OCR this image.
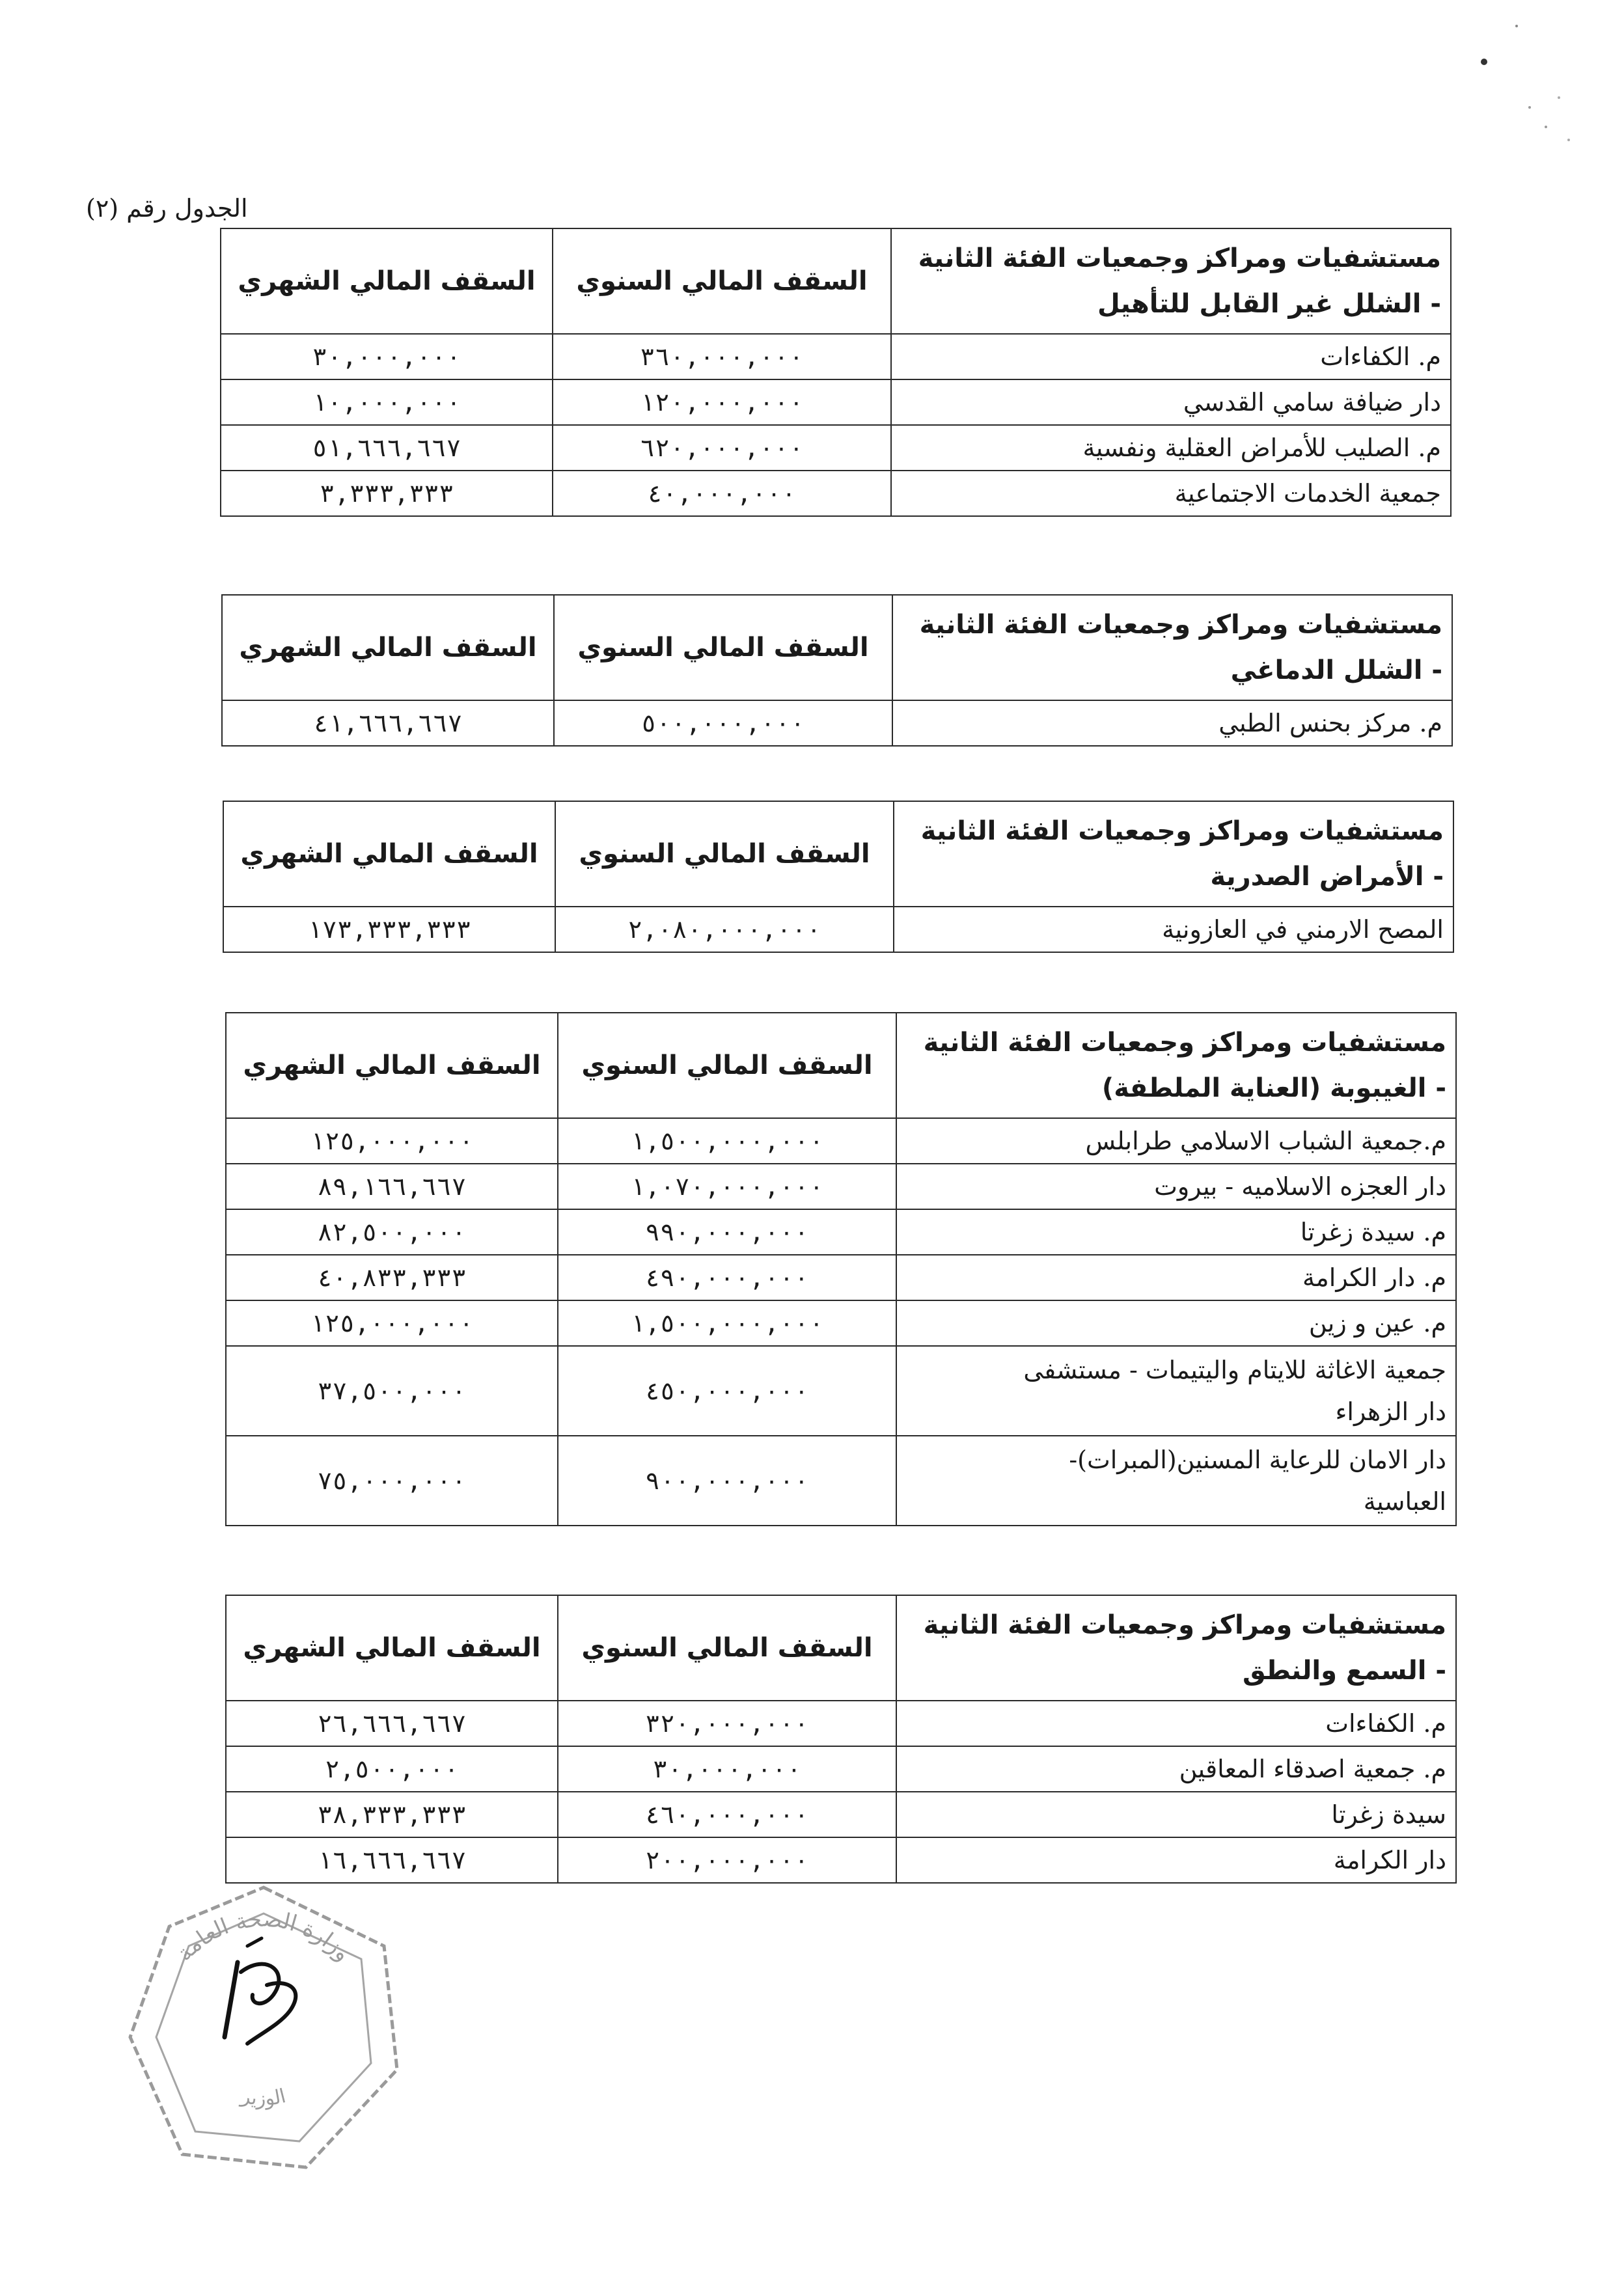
الجدول رقم (٢)
مستشفيات ومراكز وجمعيات الفئة الثانية
- الشلل غير القابل للتأهيل	السقف المالي السنوي	السقف المالي الشهري
م. الكفاءات	٣٦٠,٠٠٠,٠٠٠	٣٠,٠٠٠,٠٠٠
دار ضيافة سامي القدسي	١٢٠,٠٠٠,٠٠٠	١٠,٠٠٠,٠٠٠
م. الصليب للأمراض العقلية ونفسية	٦٢٠,٠٠٠,٠٠٠	٥١,٦٦٦,٦٦٧
جمعية الخدمات الاجتماعية	٤٠,٠٠٠,٠٠٠	٣,٣٣٣,٣٣٣
مستشفيات ومراكز وجمعيات الفئة الثانية
- الشلل الدماغي	السقف المالي السنوي	السقف المالي الشهري
م. مركز بحنس الطبي	٥٠٠,٠٠٠,٠٠٠	٤١,٦٦٦,٦٦٧
مستشفيات ومراكز وجمعيات الفئة الثانية
- الأمراض الصدرية	السقف المالي السنوي	السقف المالي الشهري
المصح الارمني في العازونية	٢,٠٨٠,٠٠٠,٠٠٠	١٧٣,٣٣٣,٣٣٣
مستشفيات ومراكز وجمعيات الفئة الثانية
- الغيبوبة (العناية الملطفة)	السقف المالي السنوي	السقف المالي الشهري
م.جمعية الشباب الاسلامي طرابلس	١,٥٠٠,٠٠٠,٠٠٠	١٢٥,٠٠٠,٠٠٠
دار العجزه الاسلاميه - بيروت	١,٠٧٠,٠٠٠,٠٠٠	٨٩,١٦٦,٦٦٧
م. سيدة زغرتا	٩٩٠,٠٠٠,٠٠٠	٨٢,٥٠٠,٠٠٠
م. دار الكرامة	٤٩٠,٠٠٠,٠٠٠	٤٠,٨٣٣,٣٣٣
م. عين و زين	١,٥٠٠,٠٠٠,٠٠٠	١٢٥,٠٠٠,٠٠٠

جمعية الاغاثة للايتام واليتيمات - مستشفى
دار الزهراء	٤٥٠,٠٠٠,٠٠٠	٣٧,٥٠٠,٠٠٠

دار الامان للرعاية المسنين(المبرات)-
العباسية	٩٠٠,٠٠٠,٠٠٠	٧٥,٠٠٠,٠٠٠
مستشفيات ومراكز وجمعيات الفئة الثانية
- السمع والنطق	السقف المالي السنوي	السقف المالي الشهري
م. الكفاءات	٣٢٠,٠٠٠,٠٠٠	٢٦,٦٦٦,٦٦٧
م. جمعية اصدقاء المعاقين	٣٠,٠٠٠,٠٠٠	٢,٥٠٠,٠٠٠
سيدة زغرتا	٤٦٠,٠٠٠,٠٠٠	٣٨,٣٣٣,٣٣٣
دار الكرامة	٢٠٠,٠٠٠,٠٠٠	١٦,٦٦٦,٦٦٧
وزارة الصحة العامة
الوزير
